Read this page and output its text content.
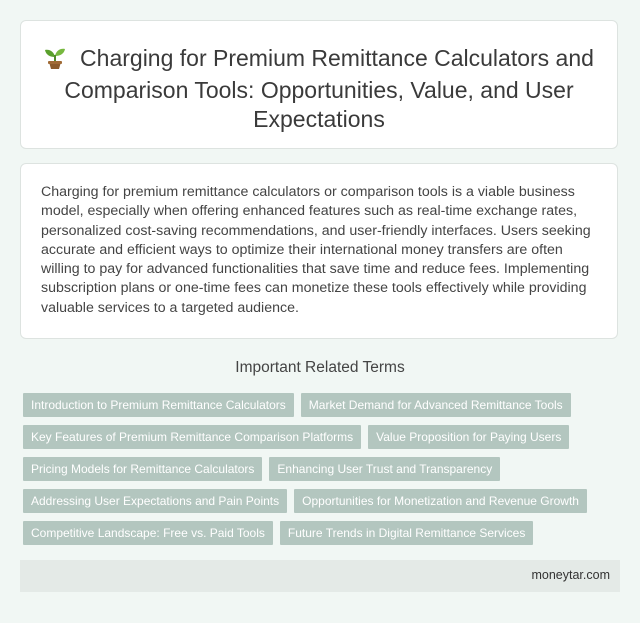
Charging for Premium Remittance Calculators and Comparison Tools: Opportunities, Value, and User Expectations

Charging for premium remittance calculators or comparison tools is a viable business model, especially when offering enhanced features such as real-time exchange rates, personalized cost-saving recommendations, and user-friendly interfaces. Users seeking accurate and efficient ways to optimize their international money transfers are often willing to pay for advanced functionalities that save time and reduce fees. Implementing subscription plans or one-time fees can monetize these tools effectively while providing valuable services to a targeted audience.

Important Related Terms
Introduction to Premium Remittance Calculators	Market Demand for Advanced Remittance Tools
Key Features of Premium Remittance Comparison Platforms	Value Proposition for Paying Users
Pricing Models for Remittance Calculators	Enhancing User Trust and Transparency
Addressing User Expectations and Pain Points	Opportunities for Monetization and Revenue Growth
Competitive Landscape: Free vs. Paid Tools	Future Trends in Digital Remittance Services
moneytar.com
